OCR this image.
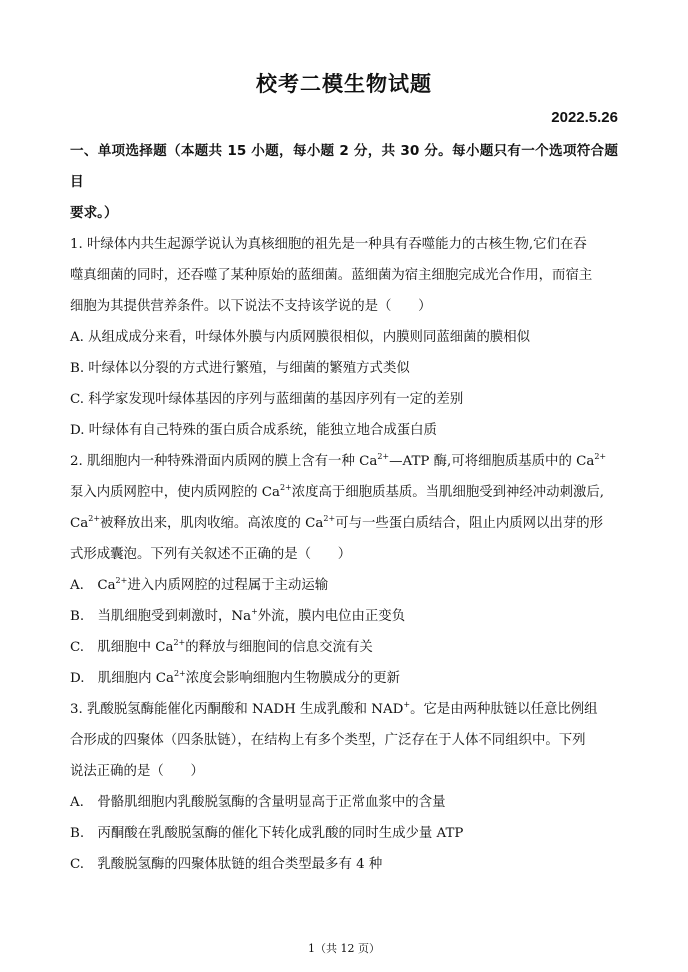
校考二模生物试题
2022.5.26
一、单项选择题（本题共 15 小题，每小题 2 分，共 30 分。每小题只有一个选项符合题目
要求。）
1. 叶绿体内共生起源学说认为真核细胞的祖先是一种具有吞噬能力的古核生物,它们在吞
噬真细菌的同时，还吞噬了某种原始的蓝细菌。蓝细菌为宿主细胞完成光合作用，而宿主
细胞为其提供营养条件。以下说法不支持该学说的是（　　）
A. 从组成成分来看，叶绿体外膜与内质网膜很相似，内膜则同蓝细菌的膜相似
B. 叶绿体以分裂的方式进行繁殖，与细菌的繁殖方式类似
C. 科学家发现叶绿体基因的序列与蓝细菌的基因序列有一定的差别
D. 叶绿体有自己特殊的蛋白质合成系统，能独立地合成蛋白质
2. 肌细胞内一种特殊滑面内质网的膜上含有一种 $Ca^{2+}—ATP$ 酶,可将细胞质基质中的 $Ca^{2+}$
泵入内质网腔中，使内质网腔的 $Ca^{2+}$浓度高于细胞质基质。当肌细胞受到神经冲动刺激后,
$Ca^{2+}$被释放出来，肌肉收缩。高浓度的 $Ca^{2+}$可与一些蛋白质结合，阻止内质网以出芽的形
式形成囊泡。下列有关叙述不正确的是（　　）
A.　$Ca^{2+}$进入内质网腔的过程属于主动运输
B.　当肌细胞受到刺激时，Na+外流，膜内电位由正变负
C.　肌细胞中 $Ca^{2+}$的释放与细胞间的信息交流有关
D.　肌细胞内 $Ca^{2+}$浓度会影响细胞内生物膜成分的更新
3. 乳酸脱氢酶能催化丙酮酸和 NADH 生成乳酸和 NAD+。它是由两种肽链以任意比例组
合形成的四聚体（四条肽链），在结构上有多个类型，广泛存在于人体不同组织中。下列
说法正确的是（　　）
A.　骨骼肌细胞内乳酸脱氢酶的含量明显高于正常血浆中的含量
B.　丙酮酸在乳酸脱氢酶的催化下转化成乳酸的同时生成少量 ATP
C.　乳酸脱氢酶的四聚体肽链的组合类型最多有 4 种
1（共 12 页）
